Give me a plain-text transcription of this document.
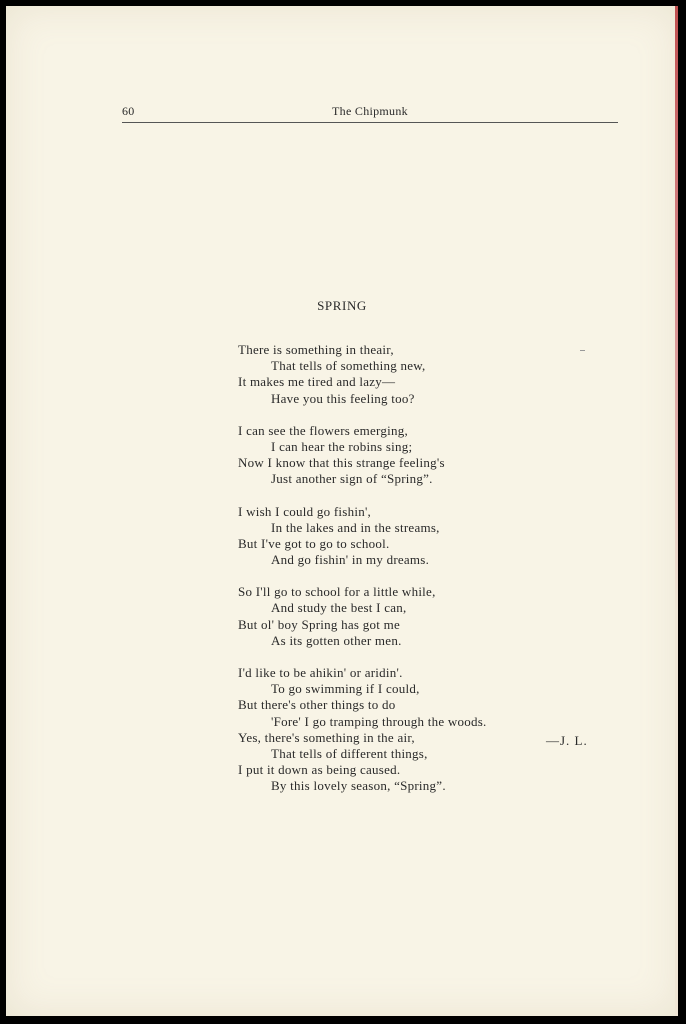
60	The Chipmunk
SPRING
There is something in theair,
That tells of something new,
It makes me tired and lazy—
Have you this feeling too?
I can see the flowers emerging,
I can hear the robins sing;
Now I know that this strange feeling's
Just another sign of “Spring”.
I wish I could go fishin',
In the lakes and in the streams,
But I've got to go to school.
And go fishin' in my dreams.
So I'll go to school for a little while,
And study the best I can,
But ol' boy Spring has got me
As its gotten other men.
I'd like to be ahikin' or aridin'.
To go swimming if I could,
But there's other things to do
'Fore' I go tramping through the woods.
Yes, there's something in the air,
That tells of different things,
I put it down as being caused.
By this lovely season, “Spring”.
—J. L.
